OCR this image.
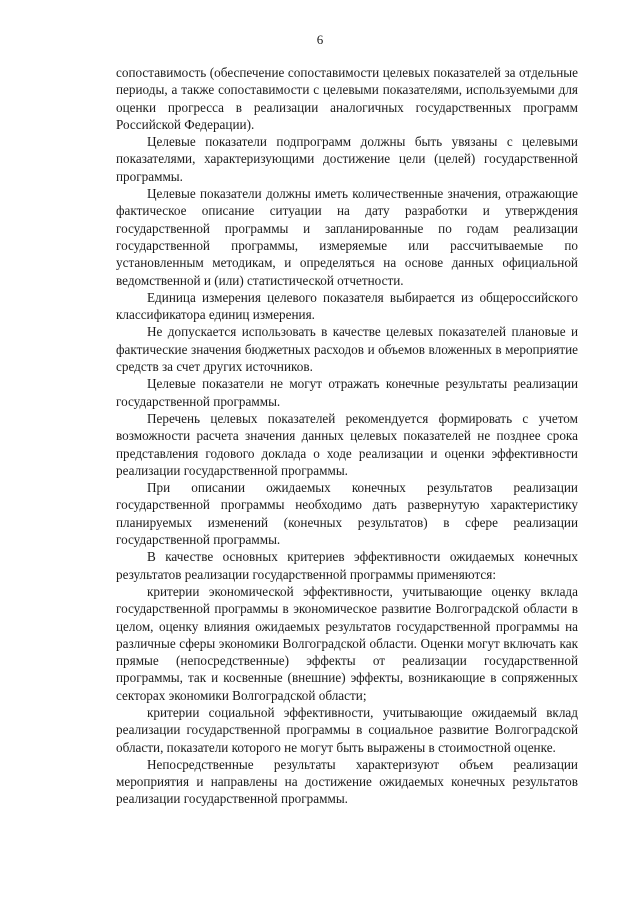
6

сопоставимость (обеспечение сопоставимости целевых показателей за отдельные периоды, а также сопоставимости с целевыми показателями, используемыми для оценки прогресса в реализации аналогичных государственных программ Российской Федерации).

Целевые показатели подпрограмм должны быть увязаны с целевыми показателями, характеризующими достижение цели (целей) государственной программы.

Целевые показатели должны иметь количественные значения, отражающие фактическое описание ситуации на дату разработки и утверждения государственной программы и запланированные по годам реализации государственной программы, измеряемые или рассчитываемые по установленным методикам, и определяться на основе данных официальной ведомственной и (или) статистической отчетности.

Единица измерения целевого показателя выбирается из общероссийского классификатора единиц измерения.

Не допускается использовать в качестве целевых показателей плановые и фактические значения бюджетных расходов и объемов вложенных в мероприятие средств за счет других источников.

Целевые показатели не могут отражать конечные результаты реализации государственной программы.

Перечень целевых показателей рекомендуется формировать с учетом возможности расчета значения данных целевых показателей не позднее срока представления годового доклада о ходе реализации и оценки эффективности реализации государственной программы.

При описании ожидаемых конечных результатов реализации государственной программы необходимо дать развернутую характеристику планируемых изменений (конечных результатов) в сфере реализации государственной программы.

В качестве основных критериев эффективности ожидаемых конечных результатов реализации государственной программы применяются:

критерии экономической эффективности, учитывающие оценку вклада государственной программы в экономическое развитие Волгоградской области в целом, оценку влияния ожидаемых результатов государственной программы на различные сферы экономики Волгоградской области. Оценки могут включать как прямые (непосредственные) эффекты от реализации государственной программы, так и косвенные (внешние) эффекты, возникающие в сопряженных секторах экономики Волгоградской области;

критерии социальной эффективности, учитывающие ожидаемый вклад реализации государственной программы в социальное развитие Волгоградской области, показатели которого не могут быть выражены в стоимостной оценке.

Непосредственные результаты характеризуют объем реализации мероприятия и направлены на достижение ожидаемых конечных результатов реализации государственной программы.
